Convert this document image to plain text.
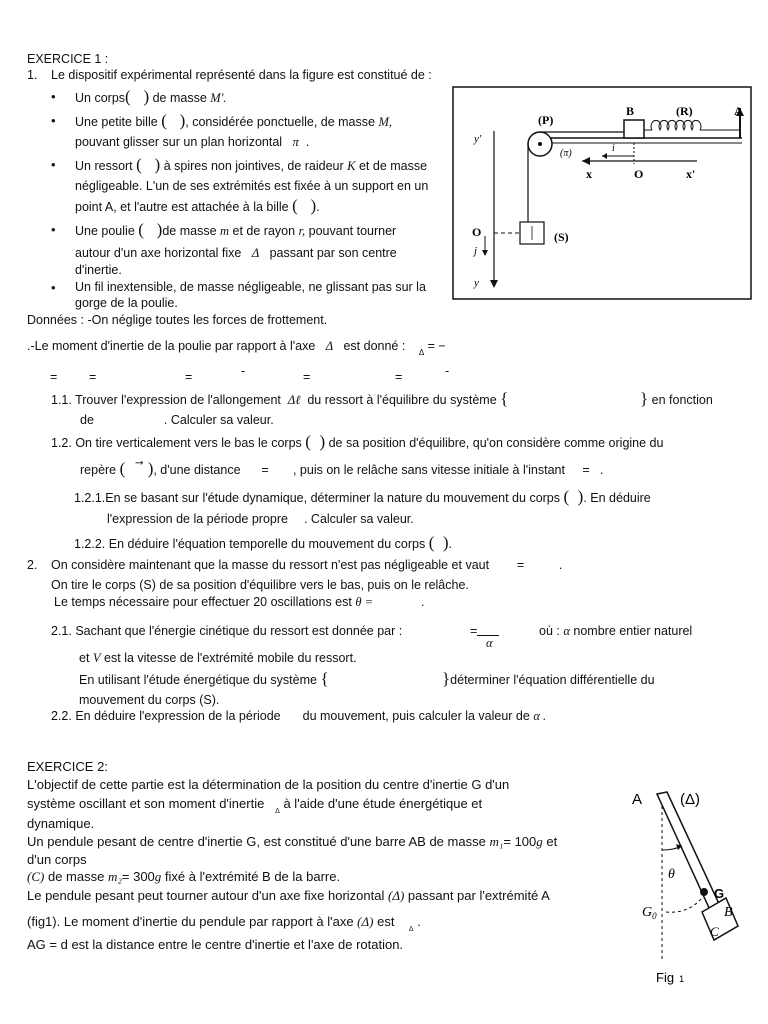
EXERCICE 1 :
1. Le dispositif expérimental représenté dans la figure est constitué de :
• Un corps(   ) de masse M'.
• Une petite bille (   ), considérée ponctuelle, de masse M,
pouvant glisser sur un plan horizontal π  .
• Un ressort (   ) à spires non jointives, de raideur K et de masse
négligeable. L'un de ses extrémités est fixée à un support en un
point A, et l'autre est attachée à la bille (   ).
• Une poulie (   )de masse m et de rayon r, pouvant tourner
autour d'un axe horizontal fixe Δ passant par son centre
d'inertie.
• Un fil inextensible, de masse négligeable, ne glissant pas sur la
gorge de la poulie.
Données : -On néglige toutes les forces de frottement.
.-Le moment d'inertie de la poulie par rapport à l'axe Δ est donné : $_\Delta$ = −
=	=	=	-	=	=	-
1.1. Trouver l'expression de l'allongement Δℓ du ressort à l'équilibre du système {	} en fonction
de	. Calculer sa valeur.
1.2. On tire verticalement vers le bas le corps (  ) de sa position d'équilibre, qu'on considère comme origine du
repère (    ⃗ ), d'une distance      =       , puis on le relâche sans vitesse initiale à l'instant     =   .
1.2.1.En se basant sur l'étude dynamique, déterminer la nature du mouvement du corps (  ). En déduire
l'expression de la période propre . Calculer sa valeur.
1.2.2. En déduire l'équation temporelle du mouvement du corps (  ).
2. On considère maintenant que la masse du ressort n'est pas négligeable et vaut        =          .
On tire le corps (S) de sa position d'équilibre vers le bas, puis on le relâche.
Le temps nécessaire pour effectuer 20 oscillations est θ =	.
2.1. Sachant que l'énergie cinétique du ressort est donnée par :	=
α
où : α nombre entier naturel
et V est la vitesse de l'extrémité mobile du ressort.
En utilisant l'étude énergétique du système {	}déterminer l'équation différentielle du
mouvement du corps (S).
2.2. En déduire l'expression de la période du mouvement, puis calculer la valeur de α .
(P)
B	(R)	A
(π)	i
x	O	x'
y'
O
j
(S)
y
EXERCICE 2:
L'objectif de cette partie est la détermination de la position du centre d'inertie G d'un
système oscillant et son moment d'inertie   $_\Delta$ à l'aide d'une étude énergétique et
dynamique.
Un pendule pesant de centre d'inertie G, est constitué d'une barre AB de masse m₁= 100g et
d'un corps
(C) de masse m₂= 300g fixé à l'extrémité B de la barre.
Le pendule pesant peut tourner autour d'un axe fixe horizontal (Δ) passant par l'extrémité A
(fig1). Le moment d'inertie du pendule par rapport à l'axe (Δ) est    $_\Delta$ .
AG = d est la distance entre le centre d'inertie et l'axe de rotation.
A	(Δ)
θ
G
$G_0$	B
C
Fig 1
